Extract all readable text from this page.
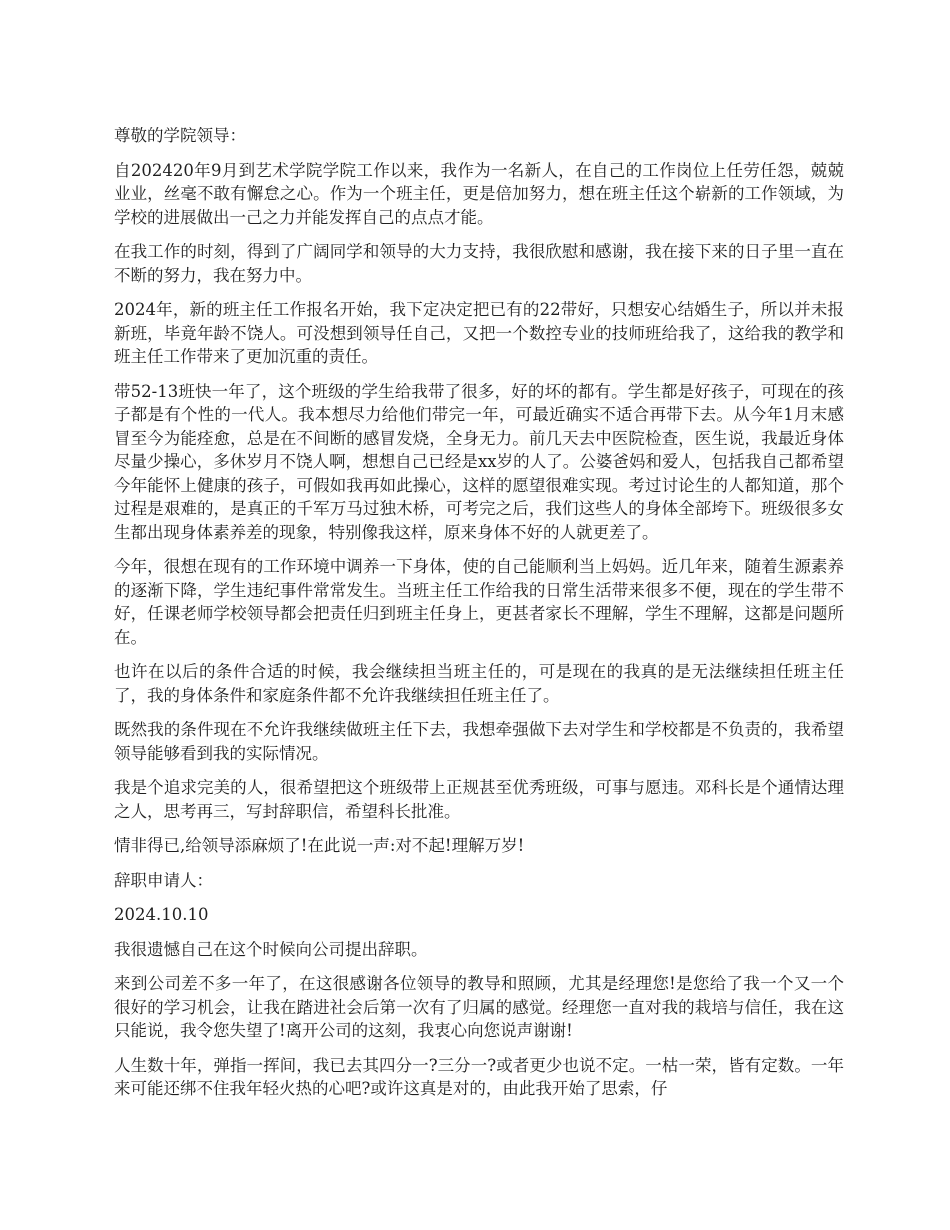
尊敬的学院领导：

自202420年9月到艺术学院学院工作以来，我作为一名新人，在自己的工作岗位上任劳任怨，兢兢业业，丝毫不敢有懈怠之心。作为一个班主任，更是倍加努力，想在班主任这个崭新的工作领域，为学校的进展做出一己之力并能发挥自己的点点才能。

在我工作的时刻，得到了广阔同学和领导的大力支持，我很欣慰和感谢，我在接下来的日子里一直在不断的努力，我在努力中。

2024年，新的班主任工作报名开始，我下定决定把已有的22带好，只想安心结婚生子，所以并未报新班，毕竟年龄不饶人。可没想到领导任自己，又把一个数控专业的技师班给我了，这给我的教学和班主任工作带来了更加沉重的责任。

带52-13班快一年了，这个班级的学生给我带了很多，好的坏的都有。学生都是好孩子，可现在的孩子都是有个性的一代人。我本想尽力给他们带完一年，可最近确实不适合再带下去。从今年1月末感冒至今为能痊愈，总是在不间断的感冒发烧，全身无力。前几天去中医院检查，医生说，我最近身体尽量少操心，多休岁月不饶人啊，想想自己已经是xx岁的人了。公婆爸妈和爱人，包括我自己都希望今年能怀上健康的孩子，可假如我再如此操心，这样的愿望很难实现。考过讨论生的人都知道，那个过程是艰难的，是真正的千军万马过独木桥，可考完之后，我们这些人的身体全部垮下。班级很多女生都出现身体素养差的现象，特别像我这样，原来身体不好的人就更差了。

今年，很想在现有的工作环境中调养一下身体，使的自己能顺利当上妈妈。近几年来，随着生源素养的逐渐下降，学生违纪事件常常发生。当班主任工作给我的日常生活带来很多不便，现在的学生带不好，任课老师学校领导都会把责任归到班主任身上，更甚者家长不理解，学生不理解，这都是问题所在。

也许在以后的条件合适的时候，我会继续担当班主任的，可是现在的我真的是无法继续担任班主任了，我的身体条件和家庭条件都不允许我继续担任班主任了。

既然我的条件现在不允许我继续做班主任下去，我想牵强做下去对学生和学校都是不负责的，我希望领导能够看到我的实际情况。

我是个追求完美的人，很希望把这个班级带上正规甚至优秀班级，可事与愿违。邓科长是个通情达理之人，思考再三，写封辞职信，希望科长批准。

情非得已,给领导添麻烦了!在此说一声:对不起!理解万岁!

辞职申请人：

2024.10.10

我很遗憾自己在这个时候向公司提出辞职。

来到公司差不多一年了，在这很感谢各位领导的教导和照顾，尤其是经理您!是您给了我一个又一个很好的学习机会，让我在踏进社会后第一次有了归属的感觉。经理您一直对我的栽培与信任，我在这只能说，我令您失望了!离开公司的这刻，我衷心向您说声谢谢!

人生数十年，弹指一挥间，我已去其四分一?三分一?或者更少也说不定。一枯一荣，皆有定数。一年来可能还绑不住我年轻火热的心吧?或许这真是对的，由此我开始了思索，仔
